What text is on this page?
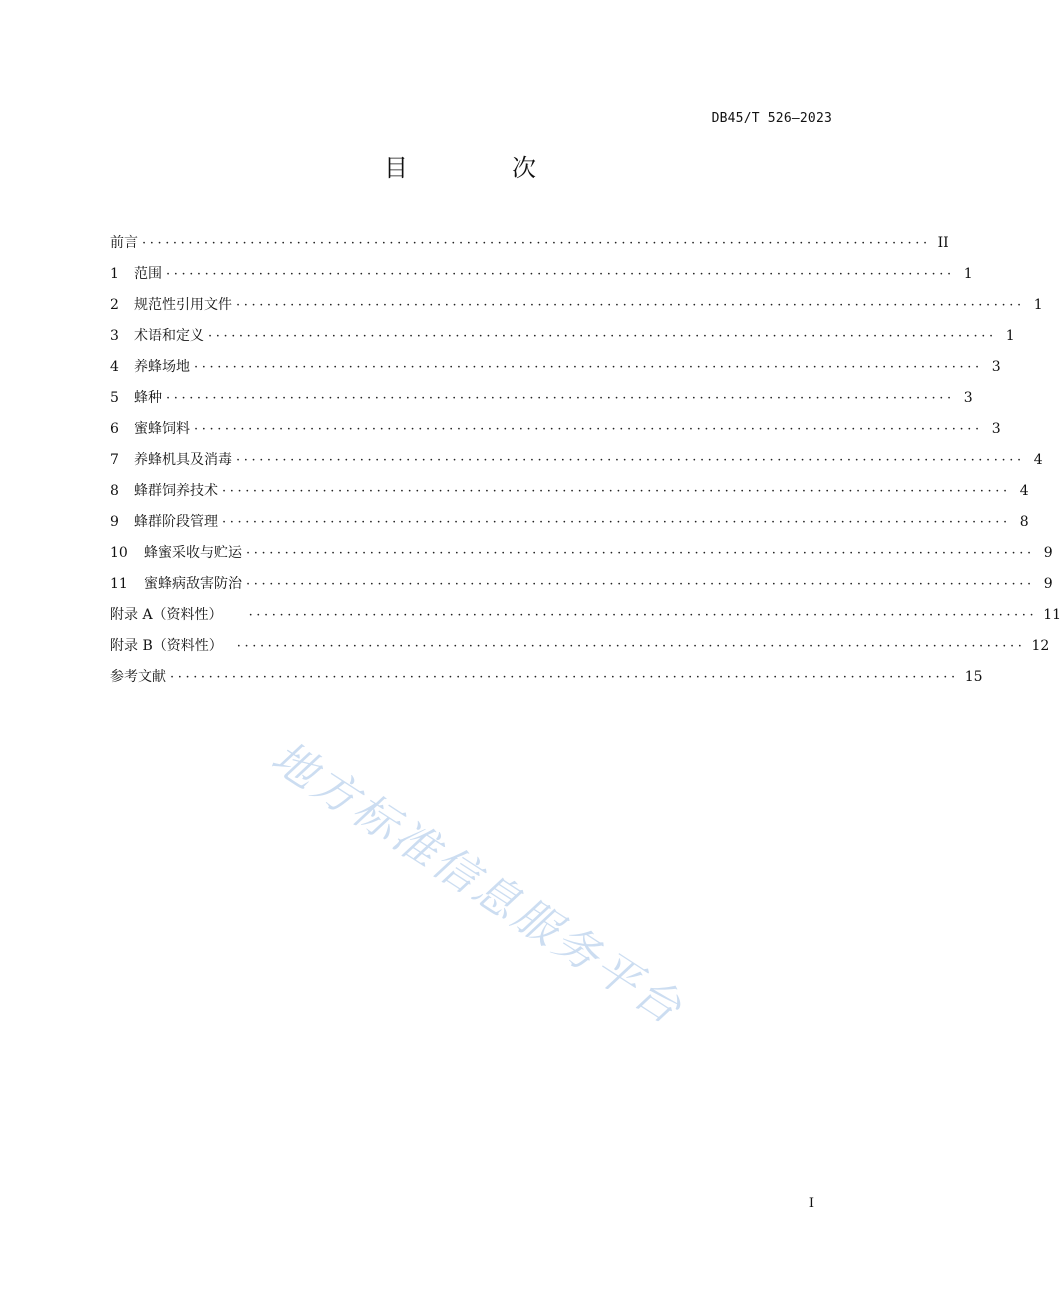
DB45/T 526—2023
目　次
前言 ······································································································ II
1	范围 ······································································································ 1
2	规范性引用文件 ······································································································ 1
3	术语和定义 ······································································································ 1
4	养蜂场地 ······································································································ 3
5	蜂种 ······································································································ 3
6	蜜蜂饲料 ······································································································ 3
7	养蜂机具及消毒 ······································································································ 4
8	蜂群饲养技术 ······································································································ 4
9	蜂群阶段管理 ······································································································ 8
10	蜂蜜采收与贮运 ······································································································ 9
11	蜜蜂病敌害防治 ······································································································ 9
附录 A（资料性） ······································································································ 11
附录 B（资料性） ······································································································ 12
参考文献 ······································································································ 15
地方标准信息服务平台
I
